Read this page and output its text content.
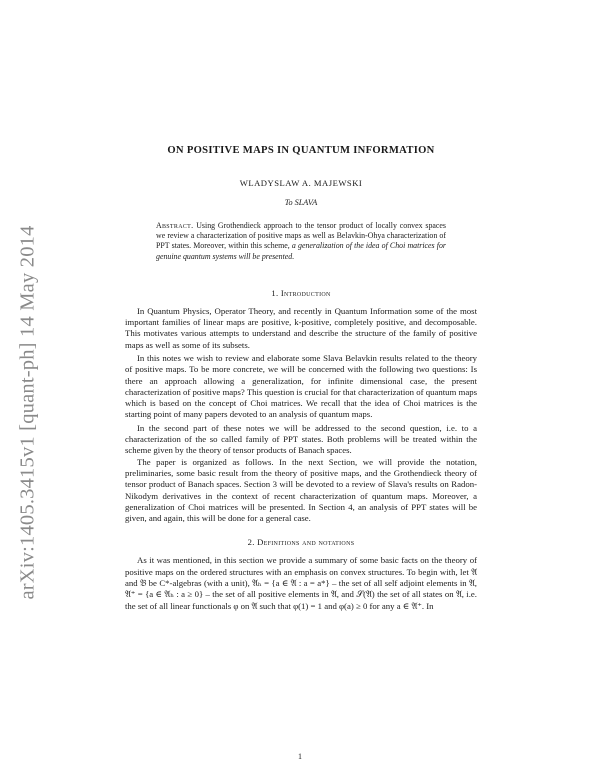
arXiv:1405.3415v1 [quant-ph] 14 May 2014
ON POSITIVE MAPS IN QUANTUM INFORMATION
WLADYSLAW A. MAJEWSKI
To SLAVA
Abstract. Using Grothendieck approach to the tensor product of locally convex spaces we review a characterization of positive maps as well as Belavkin-Ohya characterization of PPT states. Moreover, within this scheme, a generalization of the idea of Choi matrices for genuine quantum systems will be presented.
1. Introduction

In Quantum Physics, Operator Theory, and recently in Quantum Information some of the most important families of linear maps are positive, k-positive, completely positive, and decomposable. This motivates various attempts to understand and describe the structure of the family of positive maps as well as some of its subsets.

In this notes we wish to review and elaborate some Slava Belavkin results related to the theory of positive maps. To be more concrete, we will be concerned with the following two questions: Is there an approach allowing a generalization, for infinite dimensional case, the present characterization of positive maps? This question is crucial for that characterization of quantum maps which is based on the concept of Choi matrices. We recall that the idea of Choi matrices is the starting point of many papers devoted to an analysis of quantum maps.

In the second part of these notes we will be addressed to the second question, i.e. to a characterization of the so called family of PPT states. Both problems will be treated within the scheme given by the theory of tensor products of Banach spaces.

The paper is organized as follows. In the next Section, we will provide the notation, preliminaries, some basic result from the theory of positive maps, and the Grothendieck theory of tensor product of Banach spaces. Section 3 will be devoted to a review of Slava's results on Radon-Nikodym derivatives in the context of recent characterization of quantum maps. Moreover, a generalization of Choi matrices will be presented. In Section 4, an analysis of PPT states will be given, and again, this will be done for a general case.

2. Definitions and notations

As it was mentioned, in this section we provide a summary of some basic facts on the theory of positive maps on the ordered structures with an emphasis on convex structures. To begin with, let 𝔄 and 𝔅 be C*-algebras (with a unit), 𝔄ₕ = {a ∈ 𝔄 : a = a*} – the set of all self adjoint elements in 𝔄, 𝔄⁺ = {a ∈ 𝔄ₕ : a ≥ 0} – the set of all positive elements in 𝔄, and 𝒮(𝔄) the set of all states on 𝔄, i.e. the set of all linear functionals φ on 𝔄 such that φ(1) = 1 and φ(a) ≥ 0 for any a ∈ 𝔄⁺. In

1
